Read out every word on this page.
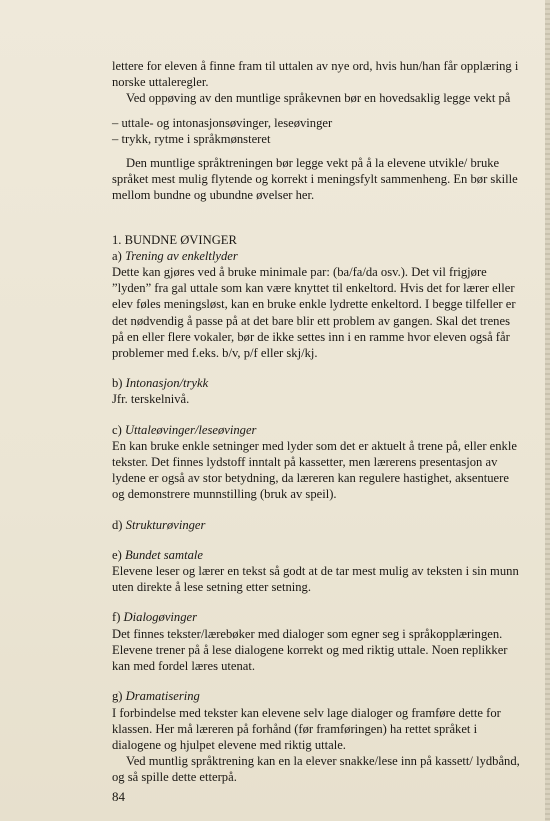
lettere for eleven å finne fram til uttalen av nye ord, hvis hun/han får opplæring i norske uttaleregler.

Ved oppøving av den muntlige språkevnen bør en hovedsaklig legge vekt på

– uttale- og intonasjonsøvinger, leseøvinger

– trykk, rytme i språkmønsteret

Den muntlige språktreningen bør legge vekt på å la elevene utvikle/ bruke språket mest mulig flytende og korrekt i meningsfylt sammenheng. En bør skille mellom bundne og ubundne øvelser her.

1. BUNDNE ØVINGER

a) Trening av enkeltlyder

Dette kan gjøres ved å bruke minimale par: (ba/fa/da osv.). Det vil frigjøre ”lyden” fra gal uttale som kan være knyttet til enkeltord. Hvis det for lærer eller elev føles meningsløst, kan en bruke enkle lydrette enkeltord. I begge tilfeller er det nødvendig å passe på at det bare blir ett problem av gangen. Skal det trenes på en eller flere vokaler, bør de ikke settes inn i en ramme hvor eleven også får problemer med f.eks. b/v, p/f eller skj/kj.

b) Intonasjon/trykk

Jfr. terskelnivå.

c) Uttaleøvinger/leseøvinger

En kan bruke enkle setninger med lyder som det er aktuelt å trene på, eller enkle tekster. Det finnes lydstoff inntalt på kassetter, men lærerens presentasjon av lydene er også av stor betydning, da læreren kan regulere hastighet, aksentuere og demonstrere munnstilling (bruk av speil).

d) Strukturøvinger

e) Bundet samtale

Elevene leser og lærer en tekst så godt at de tar mest mulig av teksten i sin munn uten direkte å lese setning etter setning.

f) Dialogøvinger

Det finnes tekster/lærebøker med dialoger som egner seg i språkopplæringen. Elevene trener på å lese dialogene korrekt og med riktig uttale. Noen replikker kan med fordel læres utenat.

g) Dramatisering

I forbindelse med tekster kan elevene selv lage dialoger og framføre dette for klassen. Her må læreren på forhånd (før framføringen) ha rettet språket i dialogene og hjulpet elevene med riktig uttale.

Ved muntlig språktrening kan en la elever snakke/lese inn på kassett/ lydbånd, og så spille dette etterpå.

84
